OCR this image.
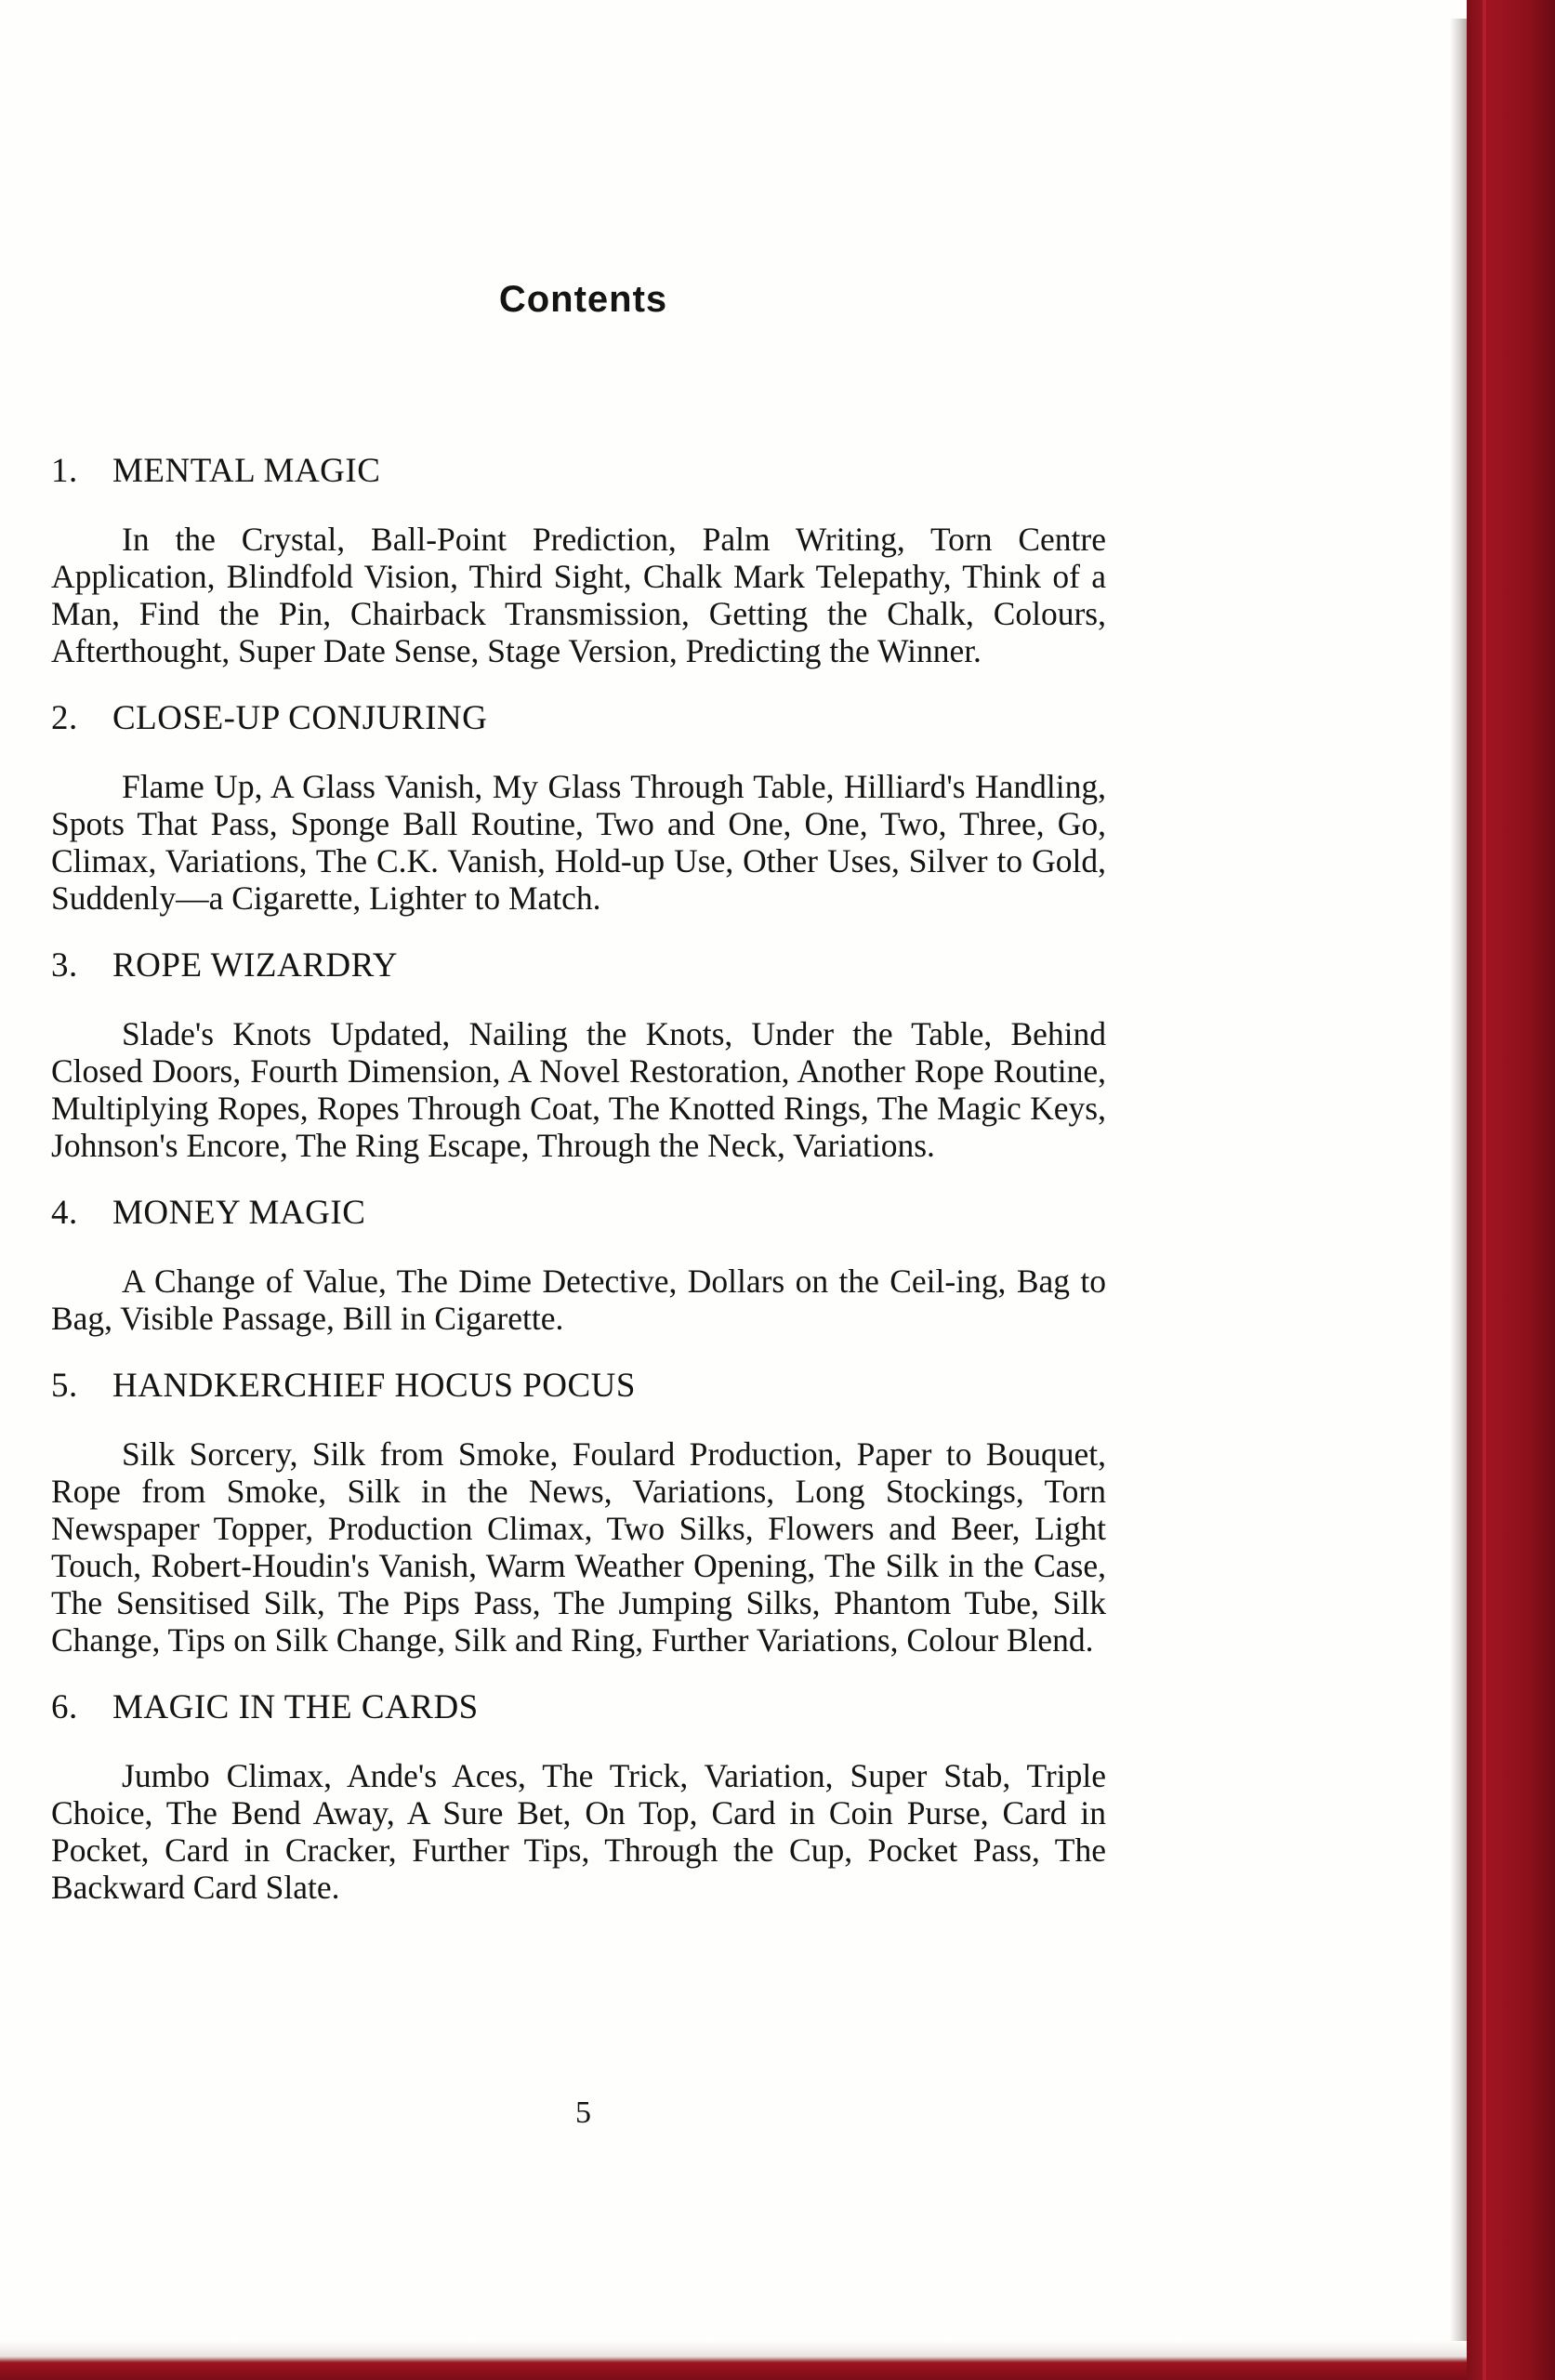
Contents
1. MENTAL MAGIC

In the Crystal, Ball-Point Prediction, Palm Writing, Torn Centre Application, Blindfold Vision, Third Sight, Chalk Mark Telepathy, Think of a Man, Find the Pin, Chairback Transmission, Getting the Chalk, Colours, Afterthought, Super Date Sense, Stage Version, Predicting the Winner.

2. CLOSE-UP CONJURING

Flame Up, A Glass Vanish, My Glass Through Table, Hilliard's Handling, Spots That Pass, Sponge Ball Routine, Two and One, One, Two, Three, Go, Climax, Variations, The C.K. Vanish, Hold-up Use, Other Uses, Silver to Gold, Suddenly—a Cigarette, Lighter to Match.

3. ROPE WIZARDRY

Slade's Knots Updated, Nailing the Knots, Under the Table, Behind Closed Doors, Fourth Dimension, A Novel Restoration, Another Rope Routine, Multiplying Ropes, Ropes Through Coat, The Knotted Rings, The Magic Keys, Johnson's Encore, The Ring Escape, Through the Neck, Variations.

4. MONEY MAGIC

A Change of Value, The Dime Detective, Dollars on the Ceil-ing, Bag to Bag, Visible Passage, Bill in Cigarette.

5. HANDKERCHIEF HOCUS POCUS

Silk Sorcery, Silk from Smoke, Foulard Production, Paper to Bouquet, Rope from Smoke, Silk in the News, Variations, Long Stockings, Torn Newspaper Topper, Production Climax, Two Silks, Flowers and Beer, Light Touch, Robert-Houdin's Vanish, Warm Weather Opening, The Silk in the Case, The Sensitised Silk, The Pips Pass, The Jumping Silks, Phantom Tube, Silk Change, Tips on Silk Change, Silk and Ring, Further Variations, Colour Blend.

6. MAGIC IN THE CARDS

Jumbo Climax, Ande's Aces, The Trick, Variation, Super Stab, Triple Choice, The Bend Away, A Sure Bet, On Top, Card in Coin Purse, Card in Pocket, Card in Cracker, Further Tips, Through the Cup, Pocket Pass, The Backward Card Slate.

5
